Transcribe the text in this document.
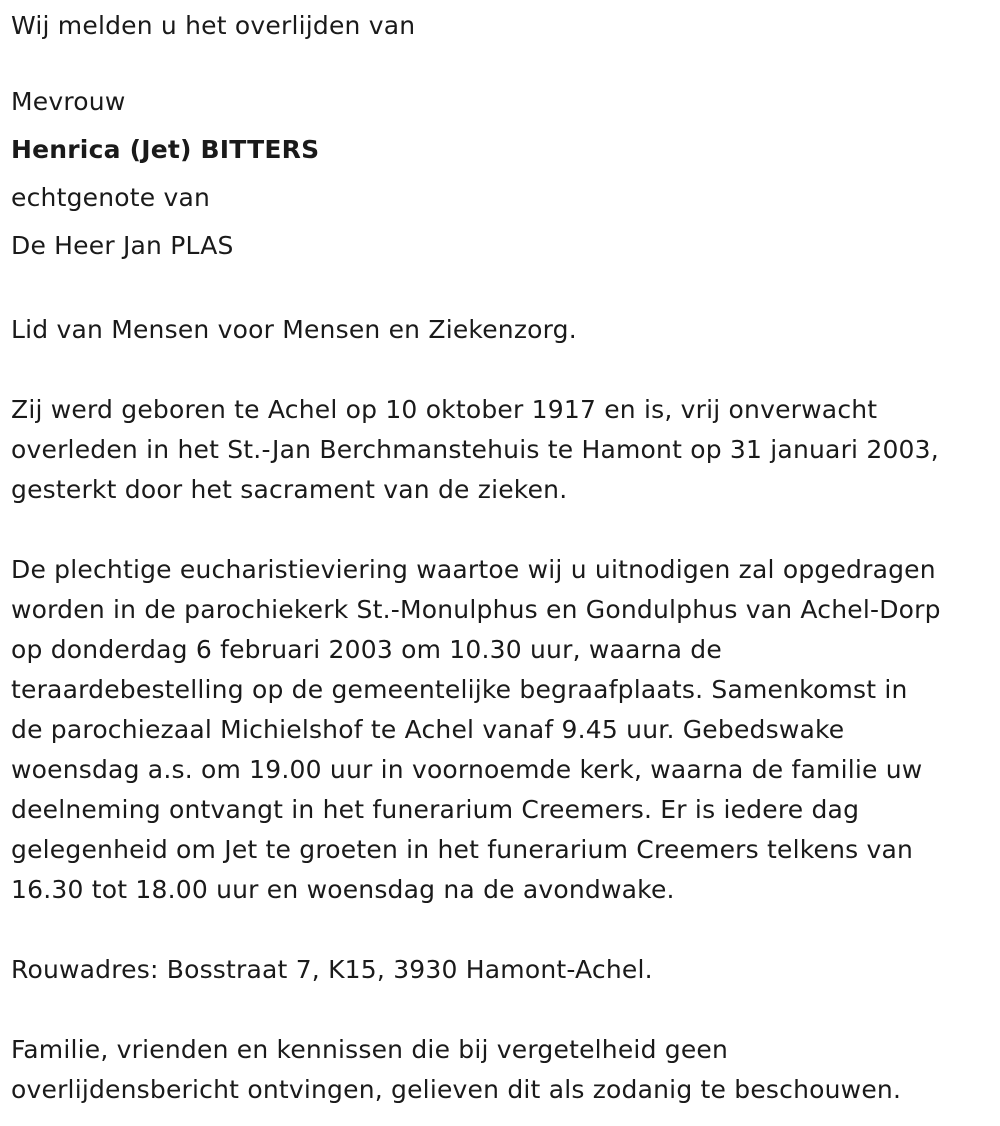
Wij melden u het overlijden van

Mevrouw

Henrica (Jet) BITTERS

echtgenote van

De Heer Jan PLAS

Lid van Mensen voor Mensen en Ziekenzorg.

Zij werd geboren te Achel op 10 oktober 1917 en is, vrij onverwacht

overleden in het St.-Jan Berchmanstehuis te Hamont op 31 januari 2003,

gesterkt door het sacrament van de zieken.

De plechtige eucharistieviering waartoe wij u uitnodigen zal opgedragen

worden in de parochiekerk St.-Monulphus en Gondulphus van Achel-Dorp

op donderdag 6 februari 2003 om 10.30 uur, waarna de

teraardebestelling op de gemeentelijke begraafplaats. Samenkomst in

de parochiezaal Michielshof te Achel vanaf 9.45 uur. Gebedswake

woensdag a.s. om 19.00 uur in voornoemde kerk, waarna de familie uw

deelneming ontvangt in het funerarium Creemers. Er is iedere dag

gelegenheid om Jet te groeten in het funerarium Creemers telkens van

16.30 tot 18.00 uur en woensdag na de avondwake.

Rouwadres: Bosstraat 7, K15, 3930 Hamont-Achel.

Familie, vrienden en kennissen die bij vergetelheid geen

overlijdensbericht ontvingen, gelieven dit als zodanig te beschouwen.
